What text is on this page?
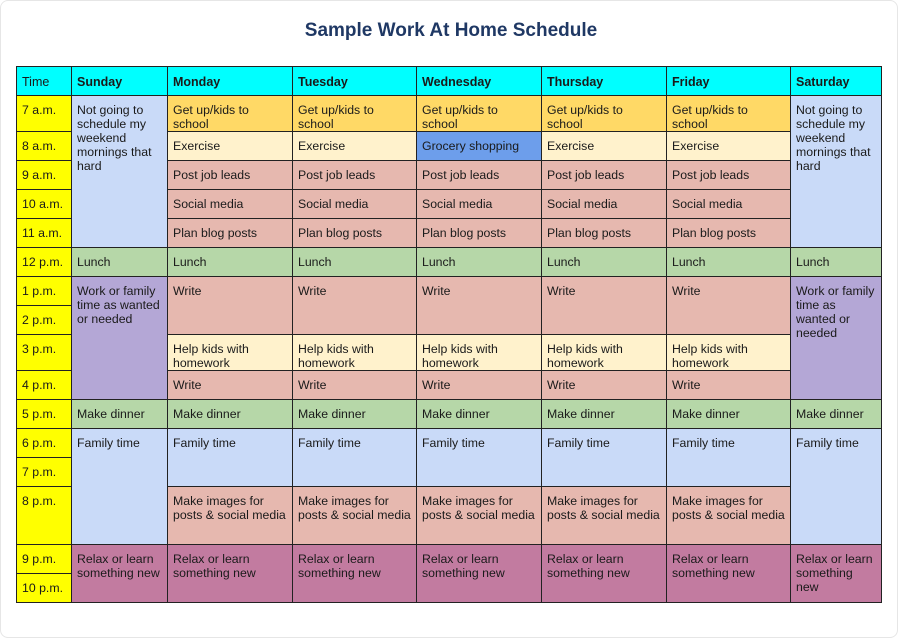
Sample Work At Home Schedule
Time	Sunday	Monday	Tuesday	Wednesday	Thursday	Friday	Saturday
7 a.m.	Not going to schedule my weekend mornings that hard	Get up/kids to school	Get up/kids to school	Get up/kids to school	Get up/kids to school	Get up/kids to school	Not going to schedule my weekend mornings that hard
8 a.m.		Exercise	Exercise	Grocery shopping	Exercise	Exercise	
9 a.m.		Post job leads	Post job leads	Post job leads	Post job leads	Post job leads	
10 a.m.		Social media	Social media	Social media	Social media	Social media	
11 a.m.		Plan blog posts	Plan blog posts	Plan blog posts	Plan blog posts	Plan blog posts	
12 p.m.	Lunch	Lunch	Lunch	Lunch	Lunch	Lunch	Lunch
1 p.m.	Work or family time as wanted or needed	Write	Write	Write	Write	Write	Work or family time as wanted or needed
2 p.m.							
3 p.m.		Help kids with homework	Help kids with homework	Help kids with homework	Help kids with homework	Help kids with homework	
4 p.m.		Write	Write	Write	Write	Write	
5 p.m.	Make dinner	Make dinner	Make dinner	Make dinner	Make dinner	Make dinner	Make dinner
6 p.m.	Family time	Family time	Family time	Family time	Family time	Family time	Family time
7 p.m.							
8 p.m.		Make images for posts & social media	Make images for posts & social media	Make images for posts & social media	Make images for posts & social media	Make images for posts & social media	
9 p.m.	Relax or learn something new	Relax or learn something new	Relax or learn something new	Relax or learn something new	Relax or learn something new	Relax or learn something new	Relax or learn something new
10 p.m.							
